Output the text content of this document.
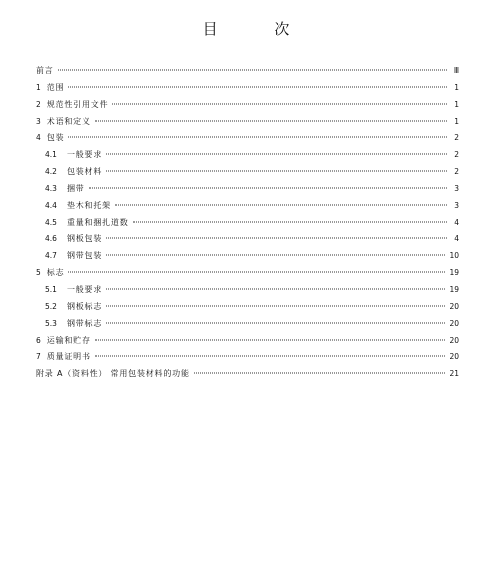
目 次
前言	Ⅲ
1 范围	1
2 规范性引用文件	1
3 术语和定义	1
4 包装	2
4.1 一般要求	2
4.2 包装材料	2
4.3 捆带	3
4.4 垫木和托架	3
4.5 重量和捆扎道数	4
4.6 钢板包装	4
4.7 钢带包装	10
5 标志	19
5.1 一般要求	19
5.2 钢板标志	20
5.3 钢带标志	20
6 运输和贮存	20
7 质量证明书	20
附录 A（资料性） 常用包装材料的功能	21
